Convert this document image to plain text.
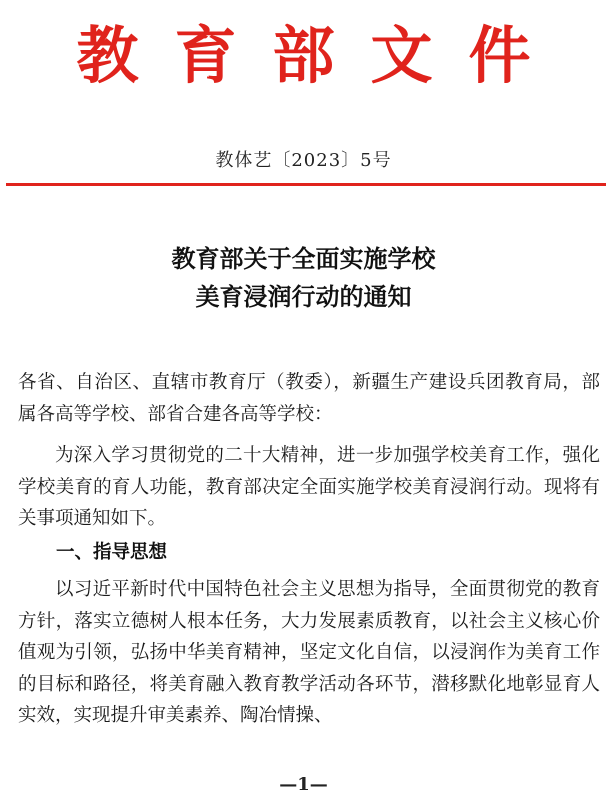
教育部文件
教体艺〔2023〕5号
教育部关于全面实施学校
美育浸润行动的通知
各省、自治区、直辖市教育厅（教委），新疆生产建设兵团教育局，部属各高等学校、部省合建各高等学校：
为深入学习贯彻党的二十大精神，进一步加强学校美育工作，强化学校美育的育人功能，教育部决定全面实施学校美育浸润行动。现将有关事项通知如下。
一、指导思想
以习近平新时代中国特色社会主义思想为指导，全面贯彻党的教育方针，落实立德树人根本任务，大力发展素质教育，以社会主义核心价值观为引领，弘扬中华美育精神，坚定文化自信，以浸润作为美育工作的目标和路径，将美育融入教育教学活动各环节，潜移默化地彰显育人实效，实现提升审美素养、陶冶情操、
—1—
